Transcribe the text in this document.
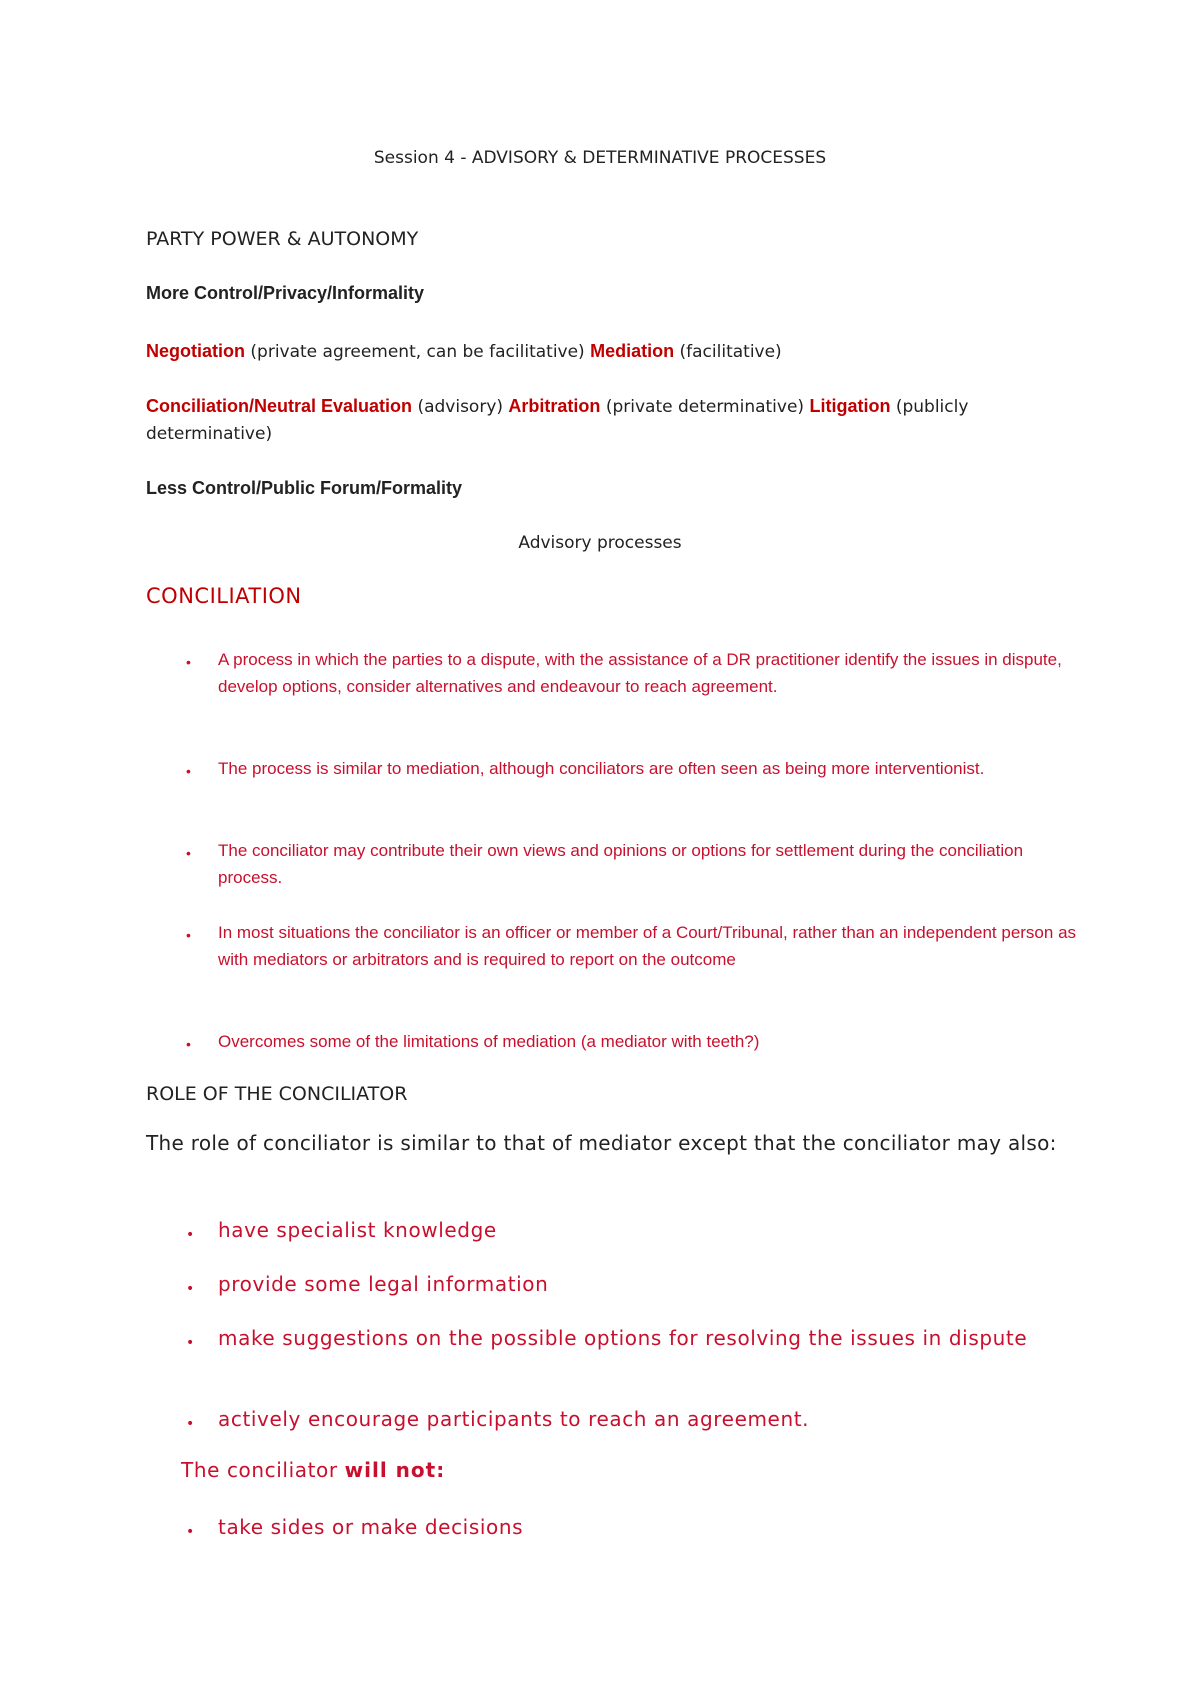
Session 4 - ADVISORY & DETERMINATIVE PROCESSES
PARTY POWER & AUTONOMY
More Control/Privacy/Informality
Negotiation (private agreement, can be facilitative) Mediation (facilitative)
Conciliation/Neutral Evaluation (advisory) Arbitration (private determinative) Litigation (publicly determinative)
Less Control/Public Forum/Formality
Advisory processes
CONCILIATION
• A process in which the parties to a dispute, with the assistance of a DR practitioner identify the issues in dispute, develop options, consider alternatives and endeavour to reach agreement.
• The process is similar to mediation, although conciliators are often seen as being more interventionist.
• The conciliator may contribute their own views and opinions or options for settlement during the conciliation process.
• In most situations the conciliator is an officer or member of a Court/Tribunal, rather than an independent person as with mediators or arbitrators and is required to report on the outcome
• Overcomes some of the limitations of mediation (a mediator with teeth?)
ROLE OF THE CONCILIATOR
The role of conciliator is similar to that of mediator except that the conciliator may also:
• have specialist knowledge
• provide some legal information
• make suggestions on the possible options for resolving the issues in dispute
• actively encourage participants to reach an agreement.
The conciliator will not:
• take sides or make decisions
